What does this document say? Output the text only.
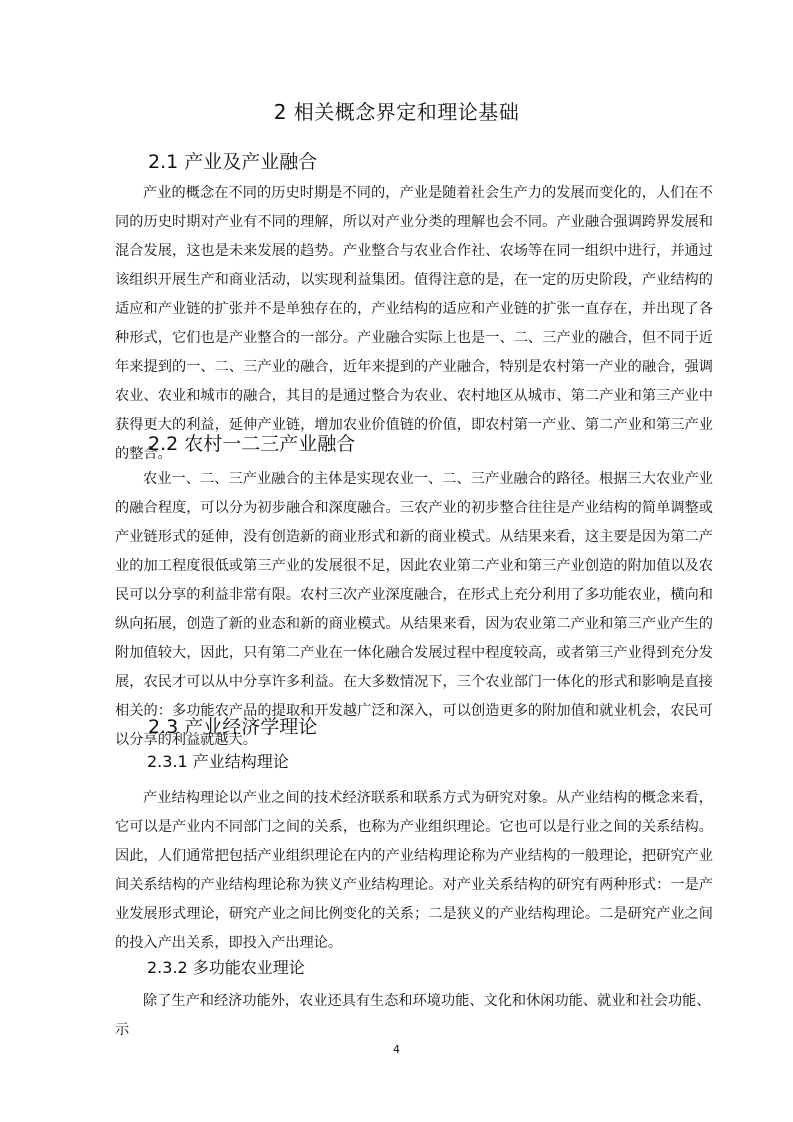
2 相关概念界定和理论基础
2.1 产业及产业融合

产业的概念在不同的历史时期是不同的，产业是随着社会生产力的发展而变化的，人们在不同的历史时期对产业有不同的理解，所以对产业分类的理解也会不同。产业融合强调跨界发展和混合发展，这也是未来发展的趋势。产业整合与农业合作社、农场等在同一组织中进行，并通过该组织开展生产和商业活动，以实现利益集团。值得注意的是，在一定的历史阶段，产业结构的适应和产业链的扩张并不是单独存在的，产业结构的适应和产业链的扩张一直存在，并出现了各种形式，它们也是产业整合的一部分。产业融合实际上也是一、二、三产业的融合，但不同于近年来提到的一、二、三产业的融合，近年来提到的产业融合，特别是农村第一产业的融合，强调农业、农业和城市的融合，其目的是通过整合为农业、农村地区从城市、第二产业和第三产业中获得更大的利益，延伸产业链，增加农业价值链的价值，即农村第一产业、第二产业和第三产业的整合。

2.2 农村一二三产业融合

农业一、二、三产业融合的主体是实现农业一、二、三产业融合的路径。根据三大农业产业的融合程度，可以分为初步融合和深度融合。三农产业的初步整合往往是产业结构的简单调整或产业链形式的延伸，没有创造新的商业形式和新的商业模式。从结果来看，这主要是因为第二产业的加工程度很低或第三产业的发展很不足，因此农业第二产业和第三产业创造的附加值以及农民可以分享的利益非常有限。农村三次产业深度融合，在形式上充分利用了多功能农业，横向和纵向拓展，创造了新的业态和新的商业模式。从结果来看，因为农业第二产业和第三产业产生的附加值较大，因此，只有第二产业在一体化融合发展过程中程度较高，或者第三产业得到充分发展，农民才可以从中分享许多利益。在大多数情况下，三个农业部门一体化的形式和影响是直接相关的：多功能农产品的提取和开发越广泛和深入，可以创造更多的附加值和就业机会，农民可以分享的利益就越大。

2.3 产业经济学理论
2.3.1 产业结构理论

产业结构理论以产业之间的技术经济联系和联系方式为研究对象。从产业结构的概念来看，它可以是产业内不同部门之间的关系，也称为产业组织理论。它也可以是行业之间的关系结构。因此，人们通常把包括产业组织理论在内的产业结构理论称为产业结构的一般理论，把研究产业间关系结构的产业结构理论称为狭义产业结构理论。对产业关系结构的研究有两种形式：一是产业发展形式理论，研究产业之间比例变化的关系；二是狭义的产业结构理论。二是研究产业之间的投入产出关系，即投入产出理论。

2.3.2 多功能农业理论

除了生产和经济功能外，农业还具有生态和环境功能、文化和休闲功能、就业和社会功能、示

4
